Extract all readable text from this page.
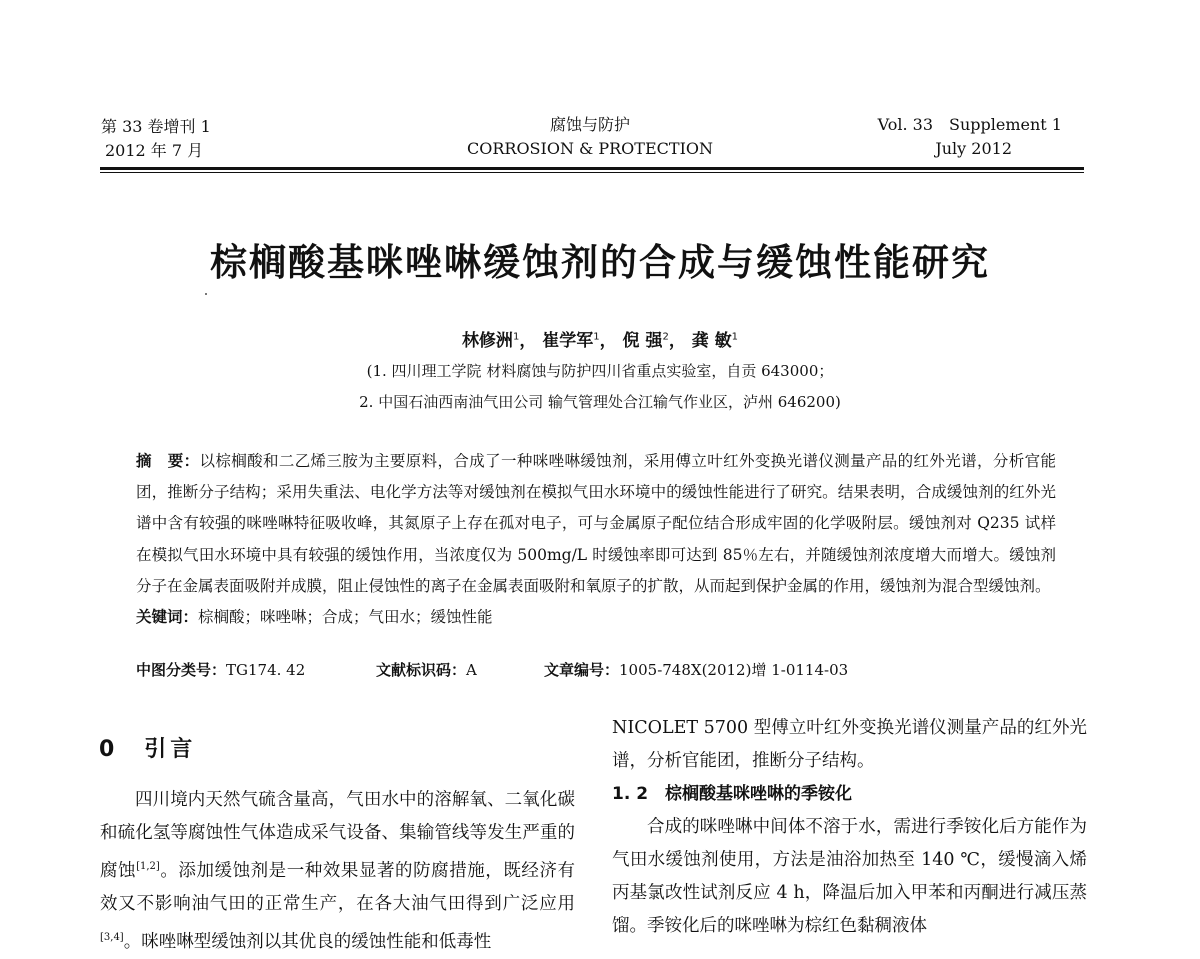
第 33 卷增刊 1
2012 年 7 月
腐蚀与防护
CORROSION & PROTECTION
Vol. 33　Supplement 1
July 2012
棕榈酸基咪唑啉缓蚀剂的合成与缓蚀性能研究
林修洲$^1$， 崔学军$^1$， 倪 强$^2$， 龚 敏$^1$
(1. 四川理工学院 材料腐蚀与防护四川省重点实验室，自贡 643000；
2. 中国石油西南油气田公司 输气管理处合江输气作业区，泸州 646200)
摘　要：以棕榈酸和二乙烯三胺为主要原料，合成了一种咪唑啉缓蚀剂，采用傅立叶红外变换光谱仪测量产品的红外光谱，分析官能团，推断分子结构；采用失重法、电化学方法等对缓蚀剂在模拟气田水环境中的缓蚀性能进行了研究。结果表明，合成缓蚀剂的红外光谱中含有较强的咪唑啉特征吸收峰，其氮原子上存在孤对电子，可与金属原子配位结合形成牢固的化学吸附层。缓蚀剂对 Q235 试样在模拟气田水环境中具有较强的缓蚀作用，当浓度仅为 500mg/L 时缓蚀率即可达到 85％左右，并随缓蚀剂浓度增大而增大。缓蚀剂分子在金属表面吸附并成膜，阻止侵蚀性的离子在金属表面吸附和氧原子的扩散，从而起到保护金属的作用，缓蚀剂为混合型缓蚀剂。
关键词：棕榈酸；咪唑啉；合成；气田水；缓蚀性能
中图分类号：TG174. 42	文献标识码：A	文章编号：1005-748X(2012)增 1-0114-03
0　引言
四川境内天然气硫含量高，气田水中的溶解氧、二氧化碳和硫化氢等腐蚀性气体造成采气设备、集输管线等发生严重的腐蚀[1,2]。添加缓蚀剂是一种效果显著的防腐措施，既经济有效又不影响油气田的正常生产，在各大油气田得到广泛应用[3,4]。咪唑啉型缓蚀剂以其优良的缓蚀性能和低毒性
NICOLET 5700 型傅立叶红外变换光谱仪测量产品的红外光谱，分析官能团，推断分子结构。
1. 2　棕榈酸基咪唑啉的季铵化
合成的咪唑啉中间体不溶于水，需进行季铵化后方能作为气田水缓蚀剂使用，方法是油浴加热至 140 ℃，缓慢滴入烯丙基氯改性试剂反应 4 h，降温后加入甲苯和丙酮进行减压蒸馏。季铵化后的咪唑啉为棕红色黏稠液体
